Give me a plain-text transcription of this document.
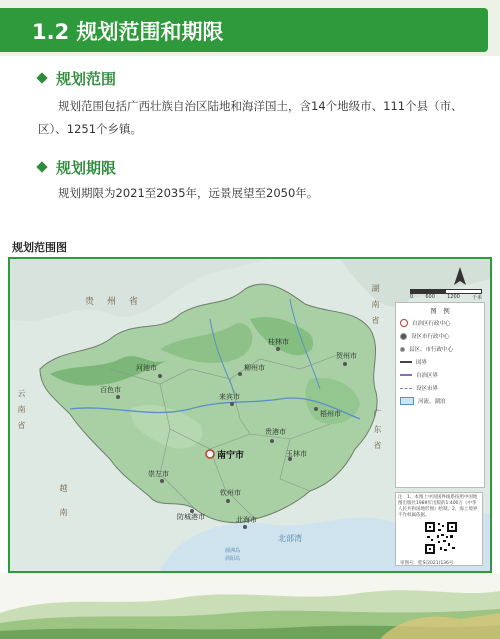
1.2 规划范围和期限
规划范围
规划范围包括广西壮族自治区陆地和海洋国土，含14个地级市、111个县（市、区）、1251个乡镇。
规划期限
规划期限为2021至2035年，远景展望至2050年。
规划范围图
贵　州　省	湖　南　省
云　南　省	广　东　省
越　　南
桂林市
河池市	柳州市
百色市
来宾市
梧州市
贺州市
贵港市
玉林市
南宁市
崇左市
钦州市
防城港市	北海市
北部湾
涠洲岛
斜阳岛
0 600 1200 千米
图　例
自治区行政中心
设区市行政中心
县区、市行政中心
国界
自治区界
设区市界
河流、湖泊
注：1、本图上中国国界线系按照中国地图出版社1989年出版的1:400万《中华人民共和国地形图》绘制。2、海上境界不作权属依据。
审图号：桂S(2021)136号
